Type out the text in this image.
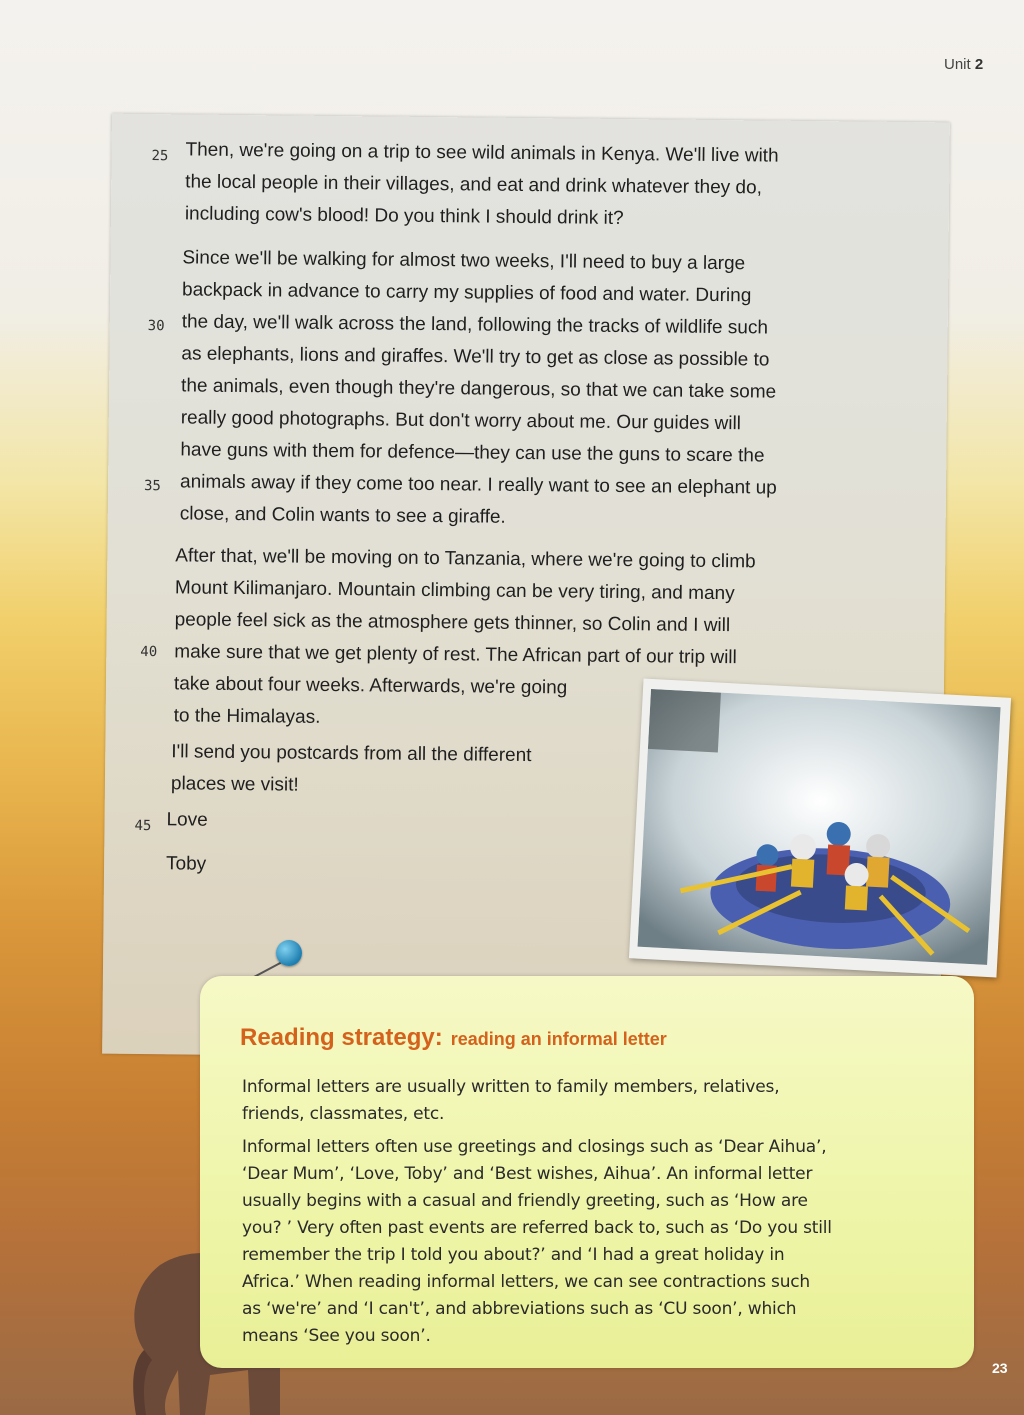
Unit 2
Then, we're going on a trip to see wild animals in Kenya. We'll live with
the local people in their villages, and eat and drink whatever they do,
including cow's blood! Do you think I should drink it?
Since we'll be walking for almost two weeks, I'll need to buy a large
backpack in advance to carry my supplies of food and water. During
the day, we'll walk across the land, following the tracks of wildlife such
as elephants, lions and giraffes. We'll try to get as close as possible to
the animals, even though they're dangerous, so that we can take some
really good photographs. But don't worry about me. Our guides will
have guns with them for defence—they can use the guns to scare the
animals away if they come too near. I really want to see an elephant up
close, and Colin wants to see a giraffe.
After that, we'll be moving on to Tanzania, where we're going to climb
Mount Kilimanjaro. Mountain climbing can be very tiring, and many
people feel sick as the atmosphere gets thinner, so Colin and I will
make sure that we get plenty of rest. The African part of our trip will
take about four weeks. Afterwards, we're going
to the Himalayas.
I'll send you postcards from all the different
places we visit!
Love
Toby
25
30
35
40
45
Reading strategy: reading an informal letter

Informal letters are usually written to family members, relatives,
friends, classmates, etc.

Informal letters often use greetings and closings such as ‘Dear Aihua’,
‘Dear Mum’, ‘Love, Toby’ and ‘Best wishes, Aihua’. An informal letter
usually begins with a casual and friendly greeting, such as ‘How are
you? ’ Very often past events are referred back to, such as ‘Do you still
remember the trip I told you about?’ and ‘I had a great holiday in
Africa.’ When reading informal letters, we can see contractions such
as ‘we're’ and ‘I can't’, and abbreviations such as ‘CU soon’, which
means ‘See you soon’.

23
